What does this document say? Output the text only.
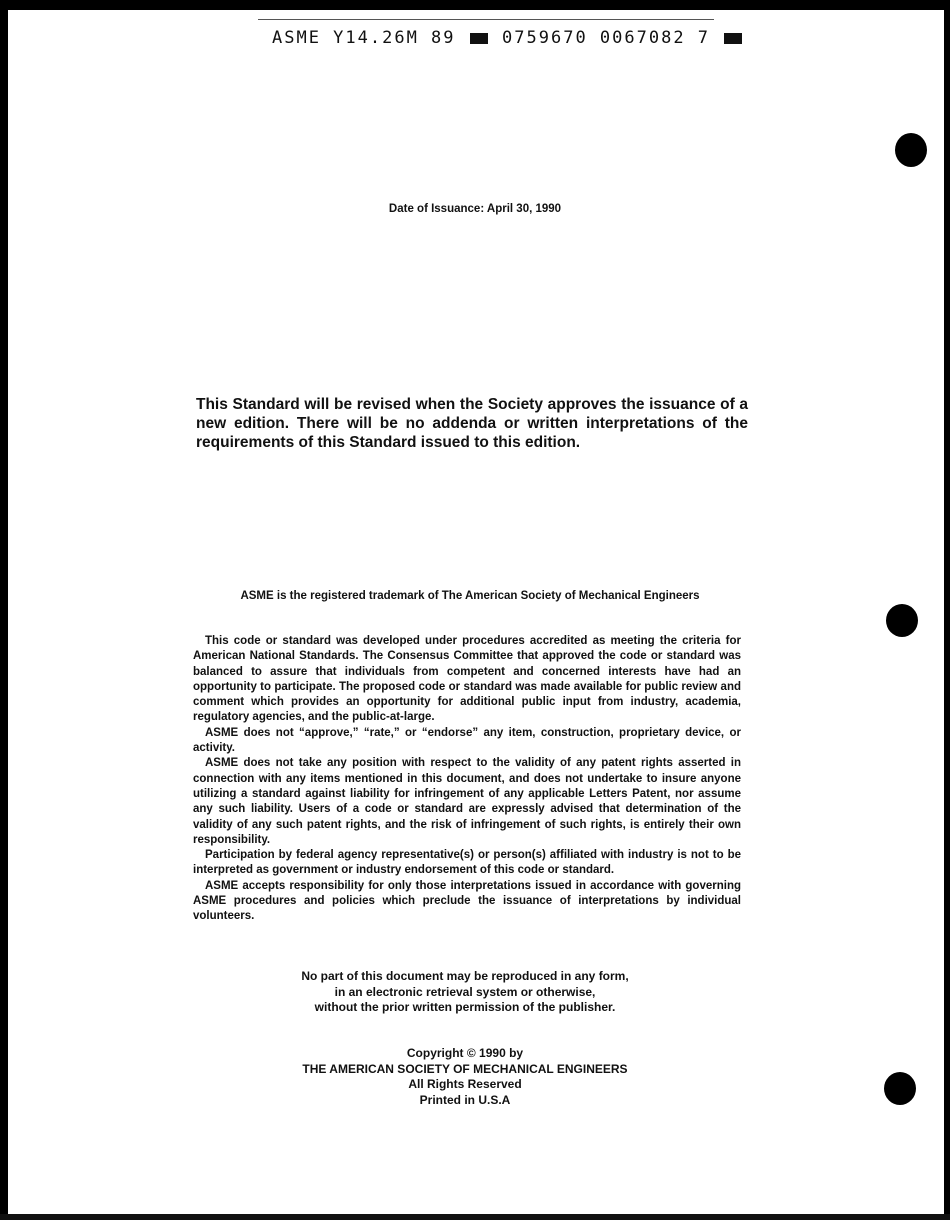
ASME Y14.26M 89	0759670 0067082 7
Date of Issuance: April 30, 1990
This Standard will be revised when the Society approves the issuance of a new edition. There will be no addenda or written interpretations of the requirements of this Standard issued to this edition.
ASME is the registered trademark of The American Society of Mechanical Engineers

This code or standard was developed under procedures accredited as meeting the criteria for American National Standards. The Consensus Committee that approved the code or standard was balanced to assure that individuals from competent and concerned interests have had an opportunity to participate. The proposed code or standard was made available for public review and comment which provides an opportunity for additional public input from industry, academia, regulatory agencies, and the public-at-large.

ASME does not “approve,” “rate,” or “endorse” any item, construction, proprietary device, or activity.

ASME does not take any position with respect to the validity of any patent rights asserted in connection with any items mentioned in this document, and does not undertake to insure anyone utilizing a standard against liability for infringement of any applicable Letters Patent, nor assume any such liability. Users of a code or standard are expressly advised that determination of the validity of any such patent rights, and the risk of infringement of such rights, is entirely their own responsibility.

Participation by federal agency representative(s) or person(s) affiliated with industry is not to be interpreted as government or industry endorsement of this code or standard.

ASME accepts responsibility for only those interpretations issued in accordance with governing ASME procedures and policies which preclude the issuance of interpretations by individual volunteers.

No part of this document may be reproduced in any form,
in an electronic retrieval system or otherwise,
without the prior written permission of the publisher.
Copyright © 1990 by
THE AMERICAN SOCIETY OF MECHANICAL ENGINEERS
All Rights Reserved
Printed in U.S.A
